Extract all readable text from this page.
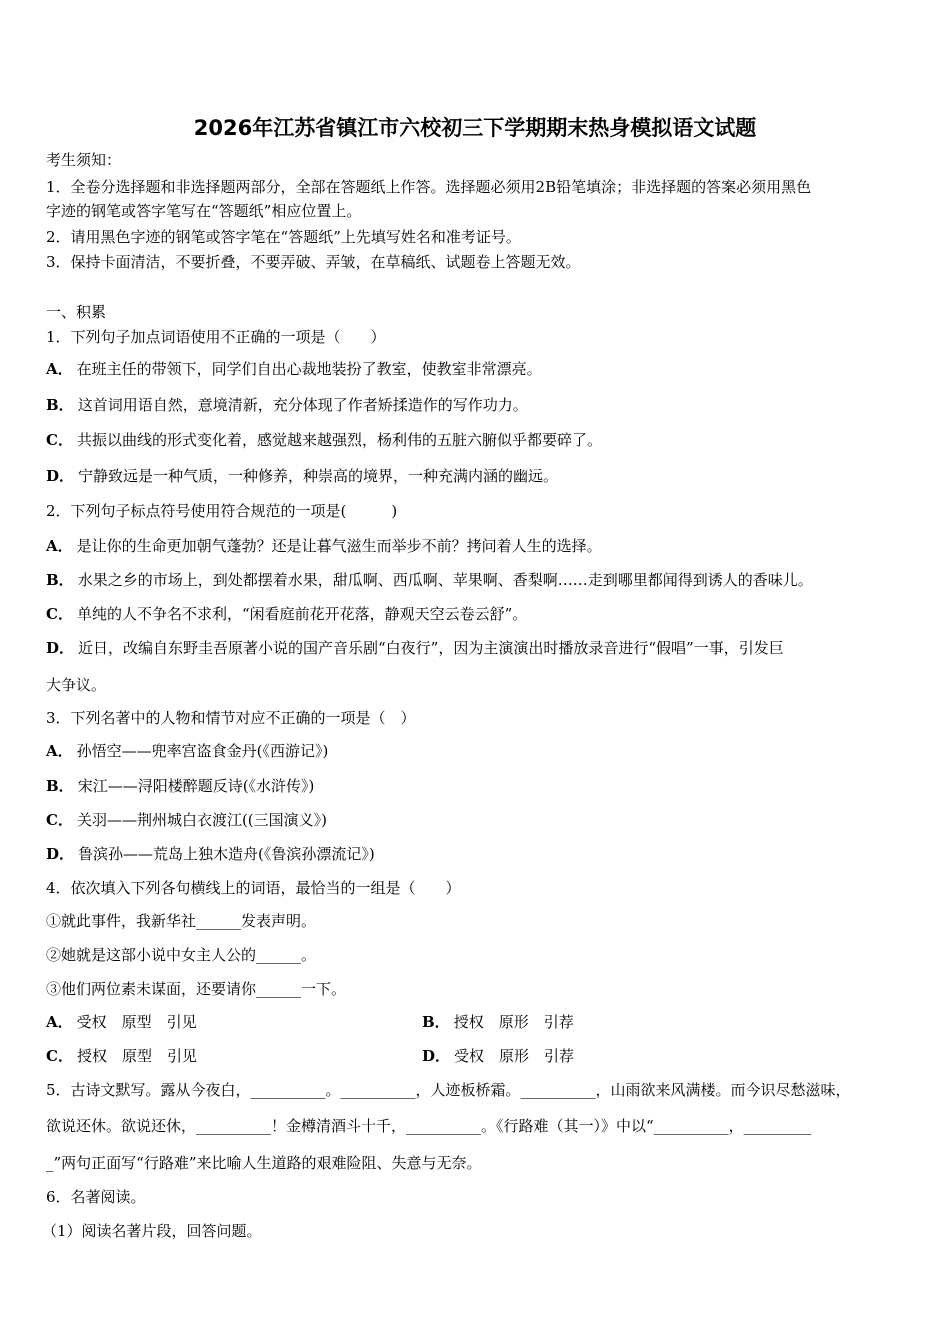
2026年江苏省镇江市六校初三下学期期末热身模拟语文试题
考生须知：
1．全卷分选择题和非选择题两部分，全部在答题纸上作答。选择题必须用2B铅笔填涂；非选择题的答案必须用黑色
字迹的钢笔或答字笔写在“答题纸”相应位置上。
2．请用黑色字迹的钢笔或答字笔在“答题纸”上先填写姓名和准考证号。
3．保持卡面清洁，不要折叠，不要弄破、弄皱，在草稿纸、试题卷上答题无效。
一、积累
1．下列句子加点词语使用不正确的一项是（　　）
A． 在班主任的带领下，同学们自出心裁地装扮了教室，使教室非常漂亮。
B． 这首词用语自然，意境清新，充分体现了作者矫揉造作的写作功力。
C． 共振以曲线的形式变化着，感觉越来越强烈，杨利伟的五脏六腑似乎都要碎了。
D． 宁静致远是一种气质，一种修养，种崇高的境界，一种充满内涵的幽远。
2．下列句子标点符号使用符合规范的一项是(　　　)
A． 是让你的生命更加朝气蓬勃？还是让暮气滋生而举步不前？拷问着人生的选择。
B． 水果之乡的市场上，到处都摆着水果，甜瓜啊、西瓜啊、苹果啊、香梨啊……走到哪里都闻得到诱人的香味儿。
C． 单纯的人不争名不求利，“闲看庭前花开花落，静观天空云卷云舒”。
D． 近日，改编自东野圭吾原著小说的国产音乐剧“白夜行”，因为主演演出时播放录音进行“假唱”一事，引发巨
大争议。
3．下列名著中的人物和情节对应不正确的一项是（　）
A． 孙悟空——兜率宫盗食金丹(《西游记》)
B． 宋江——浔阳楼醉题反诗(《水浒传》)
C． 关羽——荆州城白衣渡江((三国演义》)
D． 鲁滨孙——荒岛上独木造舟(《鲁滨孙漂流记》)
4．依次填入下列各句横线上的词语，最恰当的一组是（　　）
①就此事件，我新华社______发表声明。
②她就是这部小说中女主人公的______。
③他们两位素未谋面，还要请你______一下。
A． 受权　原型　引见	B． 授权　原形　引荐
C． 授权　原型　引见	D． 受权　原形　引荐
5．古诗文默写。露从今夜白，__________。__________，人迹板桥霜。__________，山雨欲来风满楼。而今识尽愁滋味，
欲说还休。欲说还休，__________！金樽清酒斗十千，__________。《行路难（其一）》中以“__________，_________
_”两句正面写“行路难”来比喻人生道路的艰难险阻、失意与无奈。
6．名著阅读。
（1）阅读名著片段，回答问题。
